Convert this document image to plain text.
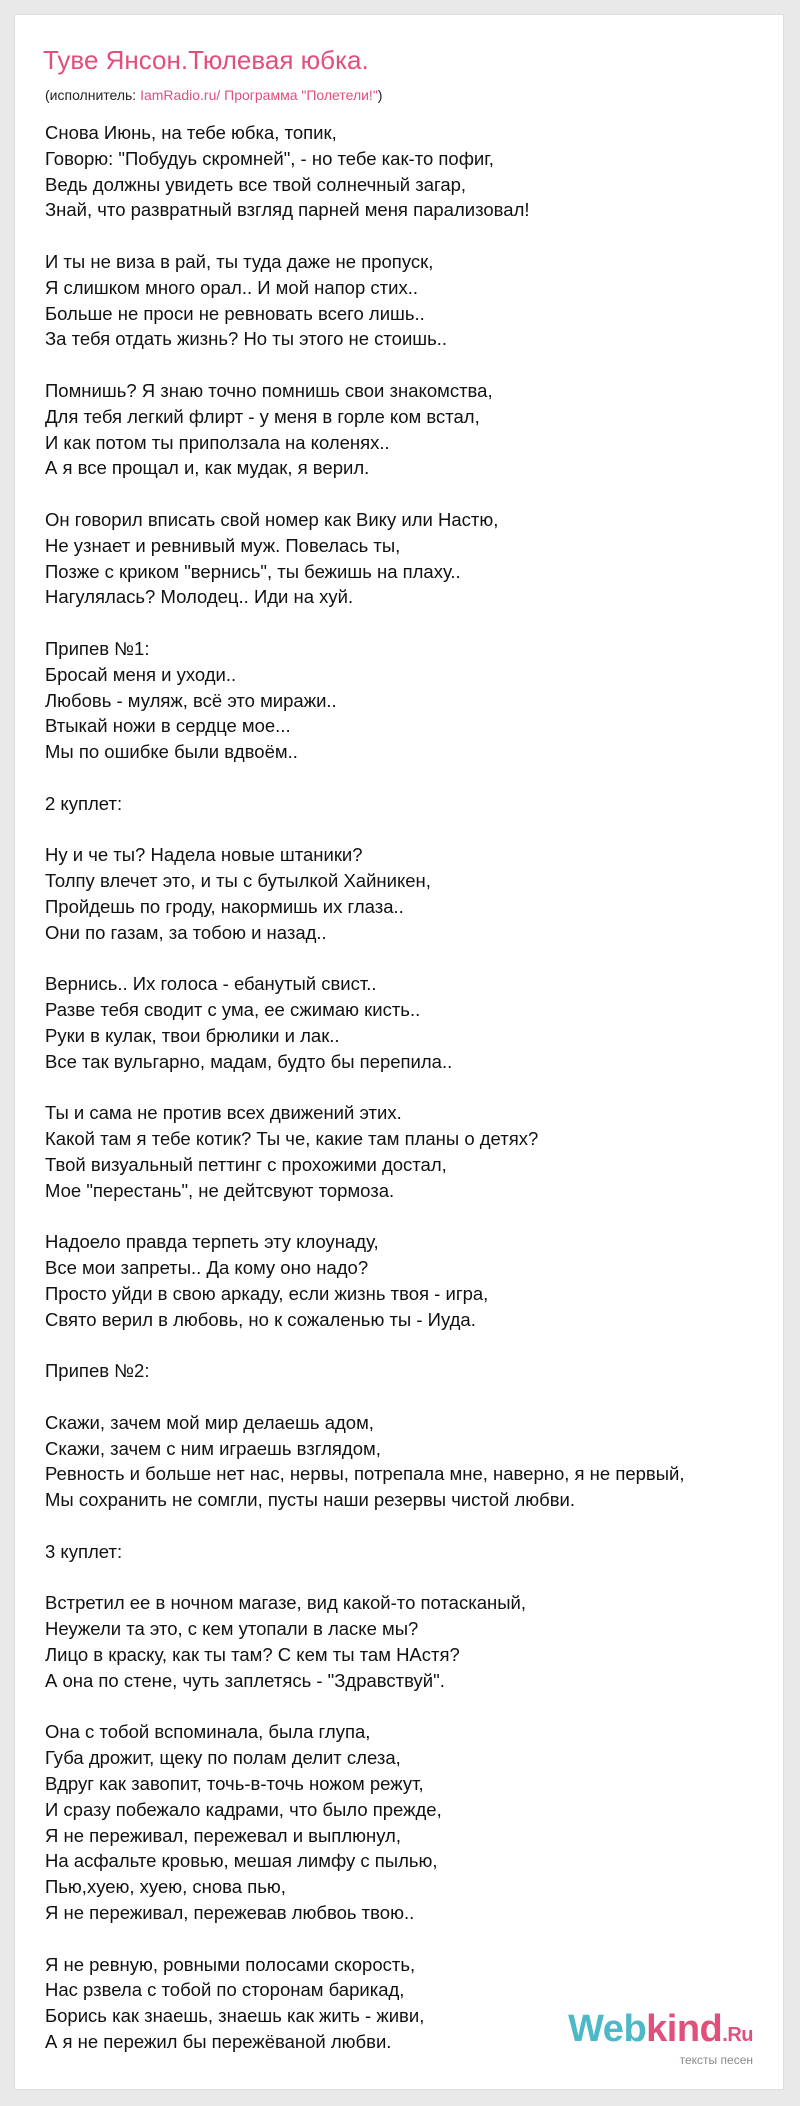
Туве Янсон.Тюлевая юбка.
(исполнитель: IamRadio.ru/ Программа "Полетели!")
Снова Июнь, на тебе юбка, топик,
Говорю: "Побудуь скромней", - но тебе как-то пофиг,
Ведь должны увидеть все твой солнечный загар,
Знай, что развратный взгляд парней меня парализовал!
И ты не виза в рай, ты туда даже не пропуск,
Я слишком много орал.. И мой напор стих..
Больше не проси не ревновать всего лишь..
За тебя отдать жизнь? Но ты этого не стоишь..
Помнишь? Я знаю точно помнишь свои знакомства,
Для тебя легкий флирт - у меня в горле ком встал,
И как потом ты приползала на коленях..
А я все прощал и, как мудак, я верил.
Он говорил вписать свой номер как Вику или Настю,
Не узнает и ревнивый муж. Повелась ты,
Позже с криком "вернись", ты бежишь на плаху..
Нагулялась? Молодец.. Иди на хуй.
Припев №1:
Бросай меня и уходи..
Любовь - муляж, всё это миражи..
Втыкай ножи в сердце мое...
Мы по ошибке были вдвоём..
2 куплет:
Ну и че ты? Надела новые штаники?
Толпу влечет это, и ты с бутылкой Хайникен,
Пройдешь по гроду, накормишь их глаза..
Они по газам, за тобою и назад..
Вернись.. Их голоса - ебанутый свист..
Разве тебя сводит с ума, ее сжимаю кисть..
Руки в кулак, твои брюлики и лак..
Все так вульгарно, мадам, будто бы перепила..
Ты и сама не против всех движений этих.
Какой там я тебе котик? Ты че, какие там планы о детях?
Твой визуальный петтинг с прохожими достал,
Мое "перестань", не дейтсвуют тормоза.
Надоело правда терпеть эту клоунаду,
Все мои запреты.. Да кому оно надо?
Просто уйди в свою аркаду, если жизнь твоя - игра,
Свято верил в любовь, но к сожаленью ты - Иуда.
Припев №2:
Скажи, зачем мой мир делаешь адом,
Скажи, зачем с ним играешь взглядом,
Ревность и больше нет нас, нервы, потрепала мне, наверно, я не первый,
Мы сохранить не сомгли, пусты наши резервы чистой любви.
3 куплет:
Встретил ее в ночном магазе, вид какой-то потасканый,
Неужели та это, с кем утопали в ласке мы?
Лицо в краску, как ты там? С кем ты там НАстя?
А она по стене, чуть заплетясь - "Здравствуй".
Она с тобой вспоминала, была глупа,
Губа дрожит, щеку по полам делит слеза,
Вдруг как завопит, точь-в-точь ножом режут,
И сразу побежало кадрами, что было прежде,
Я не переживал, пережевал и выплюнул,
На асфальте кровью, мешая лимфу с пылью,
Пью,хуею, хуею, снова пью,
Я не переживал, пережевав любвоь твою..
Я не ревную, ровными полосами скорость,
Нас рзвела с тобой по сторонам барикад,
Борись как знаешь, знаешь как жить - живи,
А я не пережил бы пережёваной любви.	Webkind.Ru
тексты песен
